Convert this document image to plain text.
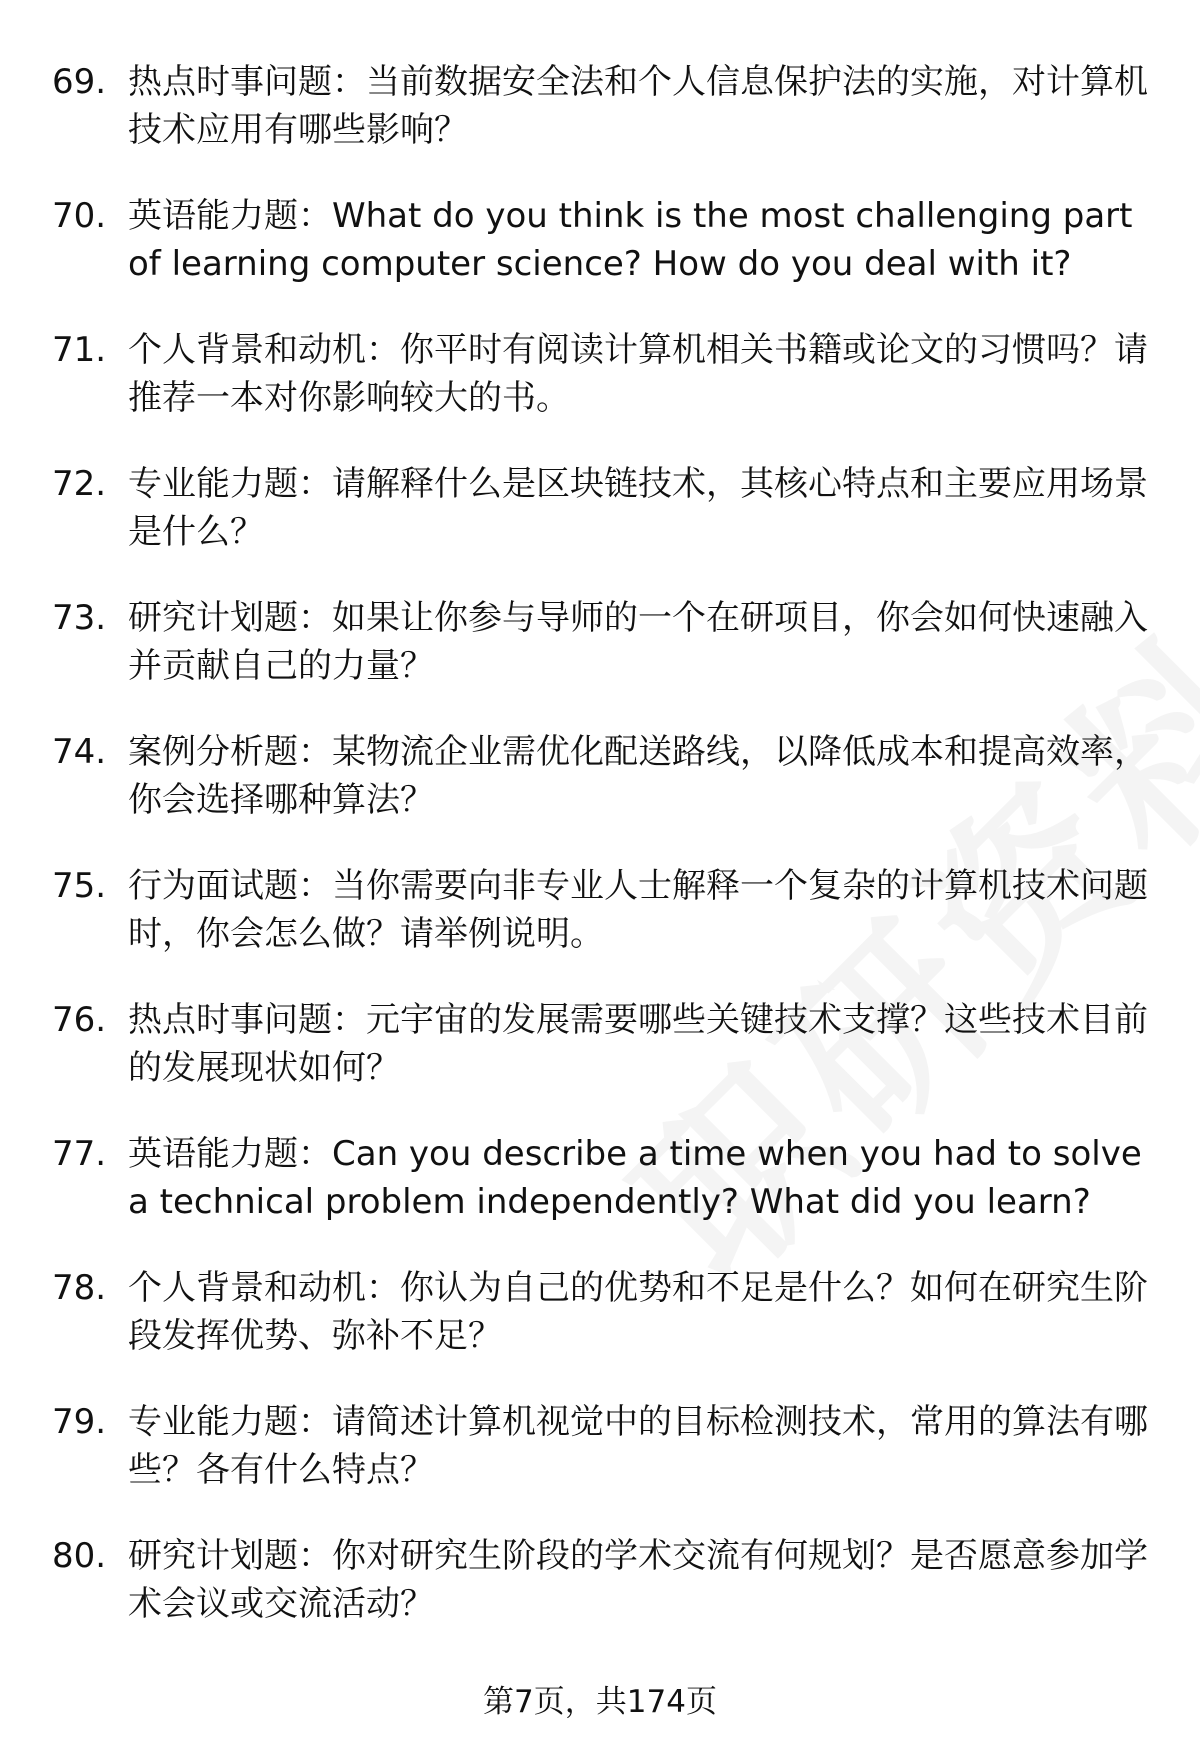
69. 热点时事问题：当前数据安全法和个人信息保护法的实施，对计算机技术应用有哪些影响？
70. 英语能力题：What do you think is the most challenging part of learning computer science? How do you deal with it?
71. 个人背景和动机：你平时有阅读计算机相关书籍或论文的习惯吗？请推荐一本对你影响较大的书。
72. 专业能力题：请解释什么是区块链技术，其核心特点和主要应用场景是什么？
73. 研究计划题：如果让你参与导师的一个在研项目，你会如何快速融入并贡献自己的力量？
74. 案例分析题：某物流企业需优化配送路线，以降低成本和提高效率，你会选择哪种算法？
75. 行为面试题：当你需要向非专业人士解释一个复杂的计算机技术问题时，你会怎么做？请举例说明。
76. 热点时事问题：元宇宙的发展需要哪些关键技术支撑？这些技术目前的发展现状如何？
77. 英语能力题：Can you describe a time when you had to solve a technical problem independently? What did you learn?
78. 个人背景和动机：你认为自己的优势和不足是什么？如何在研究生阶段发挥优势、弥补不足？
79. 专业能力题：请简述计算机视觉中的目标检测技术，常用的算法有哪些？各有什么特点？
80. 研究计划题：你对研究生阶段的学术交流有何规划？是否愿意参加学术会议或交流活动？
第7页，共174页
